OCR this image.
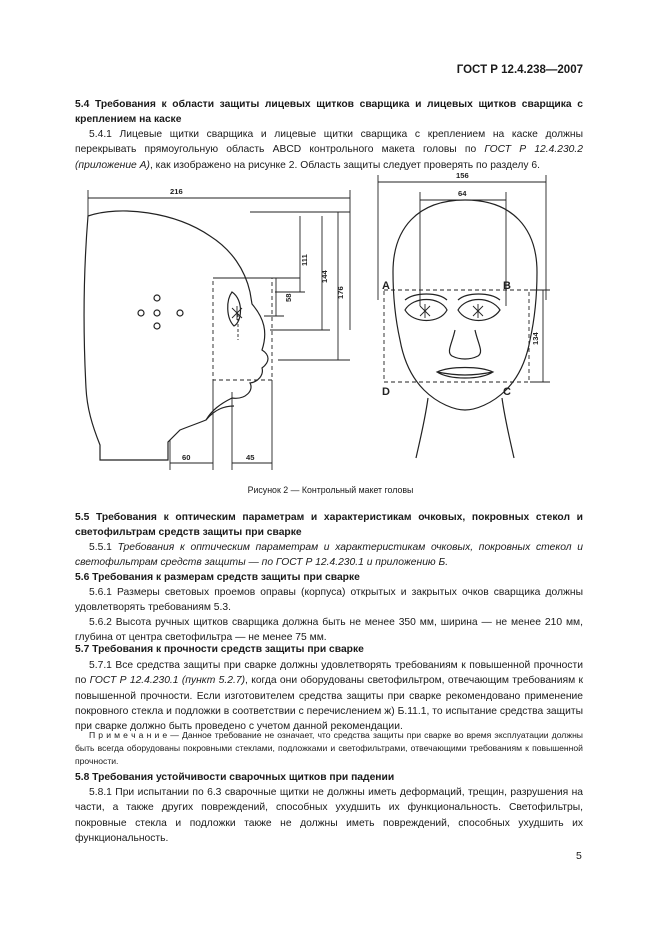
ГОСТ Р 12.4.238—2007

5.4 Требования к области защиты лицевых щитков сварщика и лицевых щитков сварщика с креплением на каске

5.4.1 Лицевые щитки сварщика и лицевые щитки сварщика с креплением на каске должны перекрывать прямоугольную область ABCD контрольного макета головы по ГОСТ Р 12.4.230.2 (приложение А), как изображено на рисунке 2. Область защиты следует проверять по разделу 6.

216
111
144
176
58
60	45
156
64
134
A	B
C
D
Рисунок 2 — Контрольный макет головы

5.5 Требования к оптическим параметрам и характеристикам очковых, покровных стекол и светофильтрам средств защиты при сварке

5.5.1 Требования к оптическим параметрам и характеристикам очковых, покровных стекол и светофильтрам средств защиты — по ГОСТ Р 12.4.230.1 и приложению Б.

5.6 Требования к размерам средств защиты при сварке

5.6.1 Размеры световых проемов оправы (корпуса) открытых и закрытых очков сварщика должны удовлетворять требованиям 5.3.

5.6.2 Высота ручных щитков сварщика должна быть не менее 350 мм, ширина — не менее 210 мм, глубина от центра светофильтра — не менее 75 мм.

5.7 Требования к прочности средств защиты при сварке

5.7.1 Все средства защиты при сварке должны удовлетворять требованиям к повышенной прочности по ГОСТ Р 12.4.230.1 (пункт 5.2.7), когда они оборудованы светофильтром, отвечающим требованиям к повышенной прочности. Если изготовителем средства защиты при сварке рекомендовано применение покровного стекла и подложки в соответствии с перечислением ж) Б.11.1, то испытание средства защиты при сварке должно быть проведено с учетом данной рекомендации.

П р и м е ч а н и е — Данное требование не означает, что средства защиты при сварке во время эксплуатации должны быть всегда оборудованы покровными стеклами, подложками и светофильтрами, отвечающими требованиям к повышенной прочности.

5.8 Требования устойчивости сварочных щитков при падении

5.8.1 При испытании по 6.3 сварочные щитки не должны иметь деформаций, трещин, разрушения на части, а также других повреждений, способных ухудшить их функциональность. Светофильтры, покровные стекла и подложки также не должны иметь повреждений, способных ухудшить их функциональность.

5
